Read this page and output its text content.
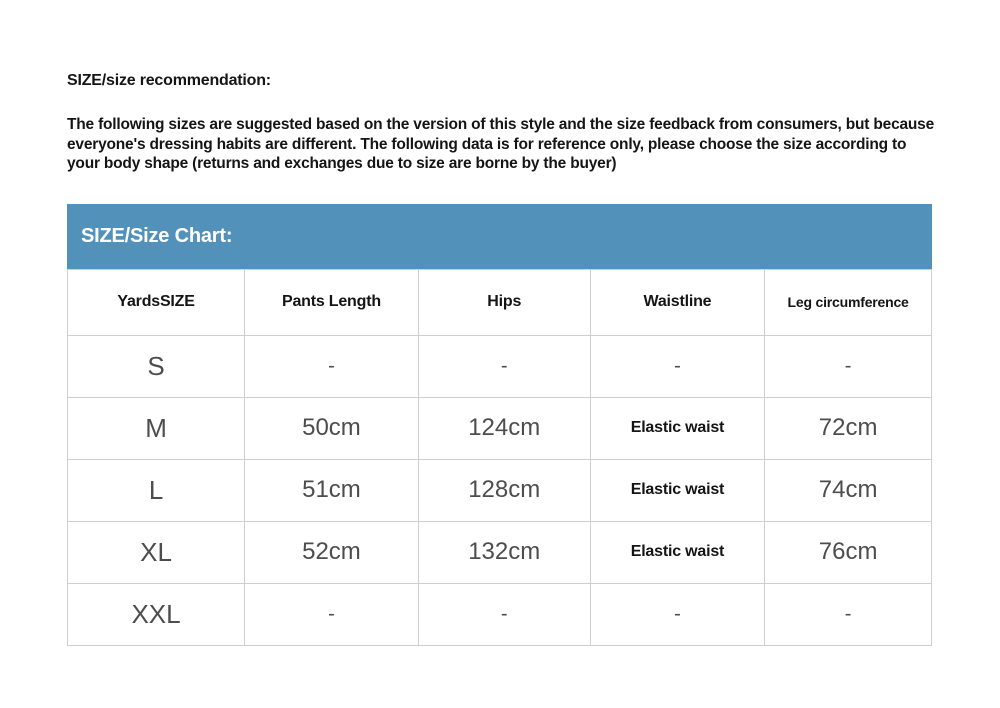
SIZE/size recommendation:
The following sizes are suggested based on the version of this style and the size feedback from consumers, but because everyone's dressing habits are different. The following data is for reference only, please choose the size according to your body shape (returns and exchanges due to size are borne by the buyer)
SIZE/Size Chart:
YardsSIZE	Pants Length	Hips	Waistline	Leg circumference
S	-	-	-	-
M	50cm	124cm	Elastic waist	72cm
L	51cm	128cm	Elastic waist	74cm
XL	52cm	132cm	Elastic waist	76cm
XXL	-	-	-	-
